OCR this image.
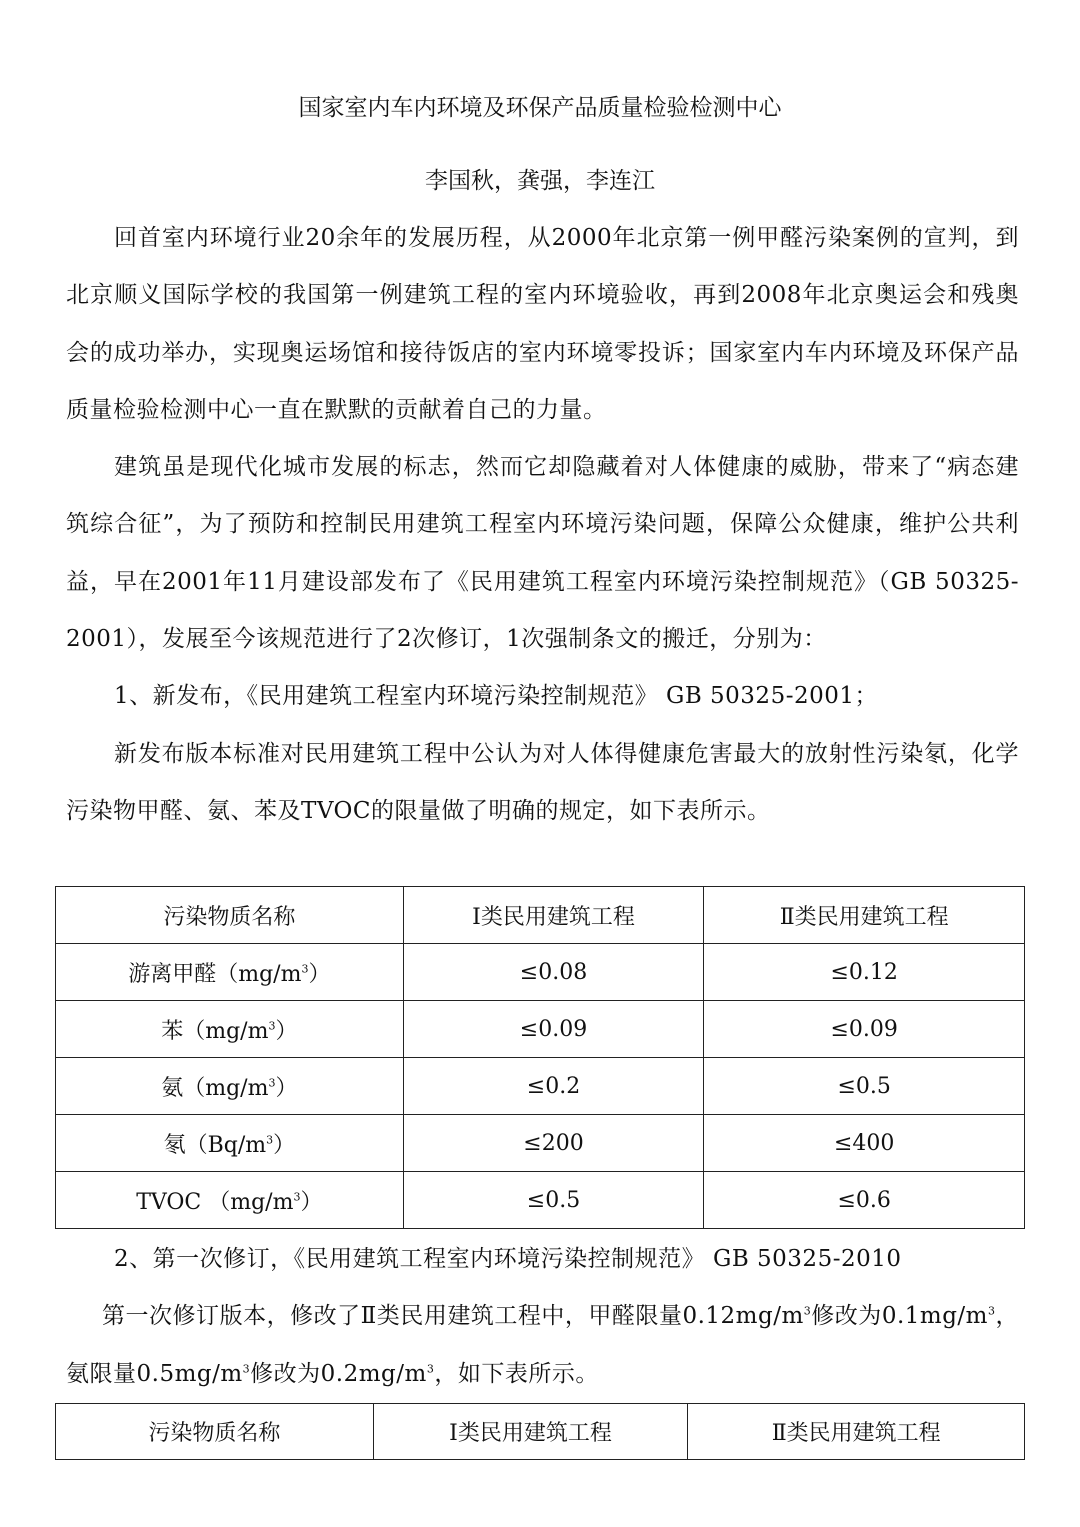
国家室内车内环境及环保产品质量检验检测中心
李国秋，龚强，李连江

回首室内环境行业20余年的发展历程，从2000年北京第一例甲醛污染案例的宣判，到北京顺义国际学校的我国第一例建筑工程的室内环境验收，再到2008年北京奥运会和残奥会的成功举办，实现奥运场馆和接待饭店的室内环境零投诉；国家室内车内环境及环保产品质量检验检测中心一直在默默的贡献着自己的力量。

建筑虽是现代化城市发展的标志，然而它却隐藏着对人体健康的威胁，带来了“病态建筑综合征”，为了预防和控制民用建筑工程室内环境污染问题，保障公众健康，维护公共利益，早在2001年11月建设部发布了《民用建筑工程室内环境污染控制规范》（GB 50325- 2001），发展至今该规范进行了2次修订，1次强制条文的搬迁，分别为：

1、新发布，《民用建筑工程室内环境污染控制规范》 GB 50325-2001；

新发布版本标准对民用建筑工程中公认为对人体得健康危害最大的放射性污染氡，化学污染物甲醛、氨、苯及TVOC的限量做了明确的规定，如下表所示。

污染物质名称	Ⅰ类民用建筑工程	Ⅱ类民用建筑工程
游离甲醛$(mg/m^3)$	≤0.08	≤0.12
苯$(mg/m^3)$	≤0.09	≤0.09
氨$(mg/m^3)$	≤0.2	≤0.5
氡$(Bq/m^3)$	≤200	≤400
TVOC $(mg/m^3)$	≤0.5	≤0.6

2、第一次修订，《民用建筑工程室内环境污染控制规范》 GB 50325-2010

第一次修订版本，修改了Ⅱ类民用建筑工程中，甲醛限量$0.12mg/m^3$修改为$0.1mg/m^3$，氨限量$0.5mg/m^3$修改为$0.2mg/m^3$，如下表所示。

污染物质名称	Ⅰ类民用建筑工程	Ⅱ类民用建筑工程
